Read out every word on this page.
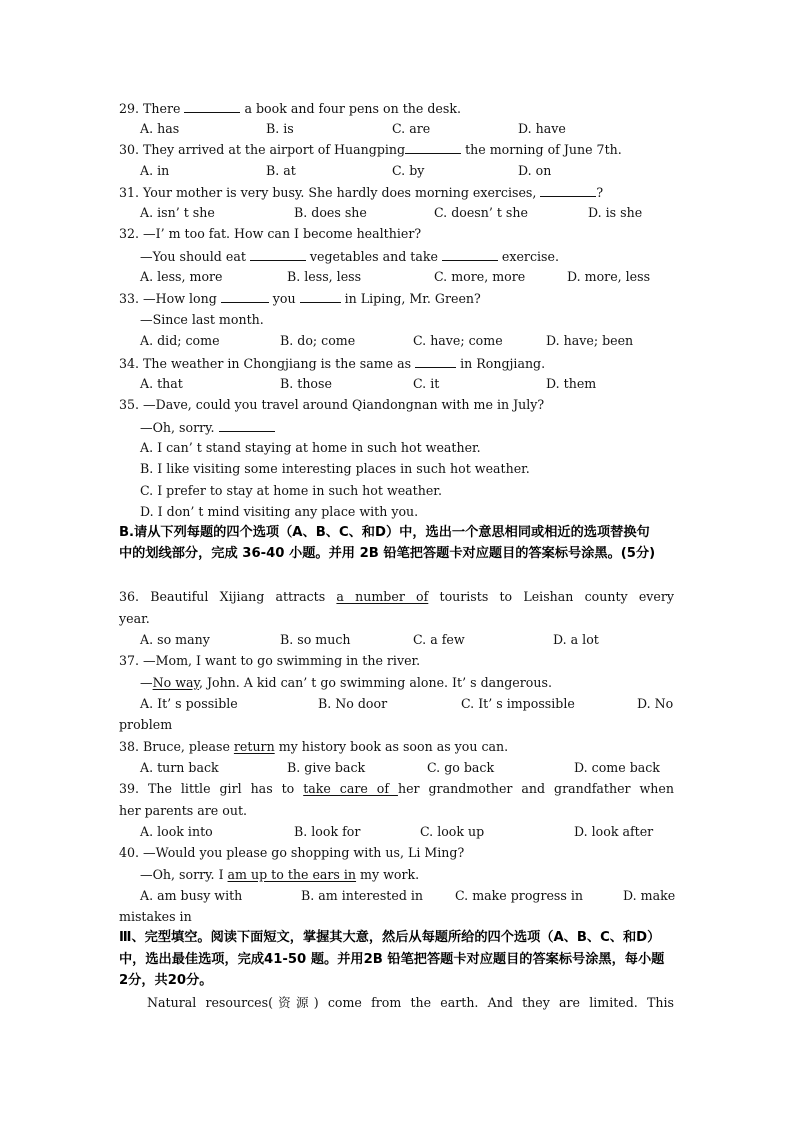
29. There	a book and four pens on the desk.
A. has	B. is	C. are	D. have
30. They arrived at the airport of Huangping	the morning of June 7th.
A. in	B. at	C. by	D. on
31. Your mother is very busy. She hardly does morning exercises,	?
A. isn’ t she	B. does she	C. doesn’ t she	D. is she
32. —I’ m too fat. How can I become healthier?
—You should eat	vegetables and take	exercise.
A. less, more	B. less, less	C. more, more	D. more, less
33. —How long	you	in Liping, Mr. Green?
—Since last month.
A. did; come	B. do; come	C. have; come	D. have; been
34. The weather in Chongjiang is the same as	in Rongjiang.
A. that	B. those	C. it	D. them
35. —Dave, could you travel around Qiandongnan with me in July?
—Oh, sorry.
A. I can’ t stand staying at home in such hot weather.
B. I like visiting some interesting places in such hot weather.
C. I prefer to stay at home in such hot weather.
D. I don’ t mind visiting any place with you.
B.请从下列每题的四个选项（A、B、C、和D）中，选出一个意思相同或相近的选项替换句
中的划线部分，完成 36-40 小题。并用 2B 铅笔把答题卡对应题目的答案标号涂黑。(5分)
36. Beautiful Xijiang attracts a number of tourists to Leishan county every
year.
A. so many	B. so much	C. a few	D. a lot
37. —Mom, I want to go swimming in the river.
—No way, John. A kid can’ t go swimming alone. It’ s dangerous.
A. It’ s possible	B. No door	C. It’ s impossible	D. No
problem
38. Bruce, please return my history book as soon as you can.
A. turn back	B. give back	C. go back	D. come back
39. The little girl has to take care of her grandmother and grandfather when
her parents are out.
A. look into	B. look for	C. look up	D. look after
40. —Would you please go shopping with us, Li Ming?
—Oh, sorry. I am up to the ears in my work.
A. am busy with	B. am interested in	C. make progress in	D. make
mistakes in
Ⅲ、完型填空。阅读下面短文，掌握其大意，然后从每题所给的四个选项（A、B、C、和D）
中，选出最佳选项，完成41-50 题。并用2B 铅笔把答题卡对应题目的答案标号涂黑，每小题
2分，共20分。
Natural resources(资源) come from the earth. And they are limited. This
